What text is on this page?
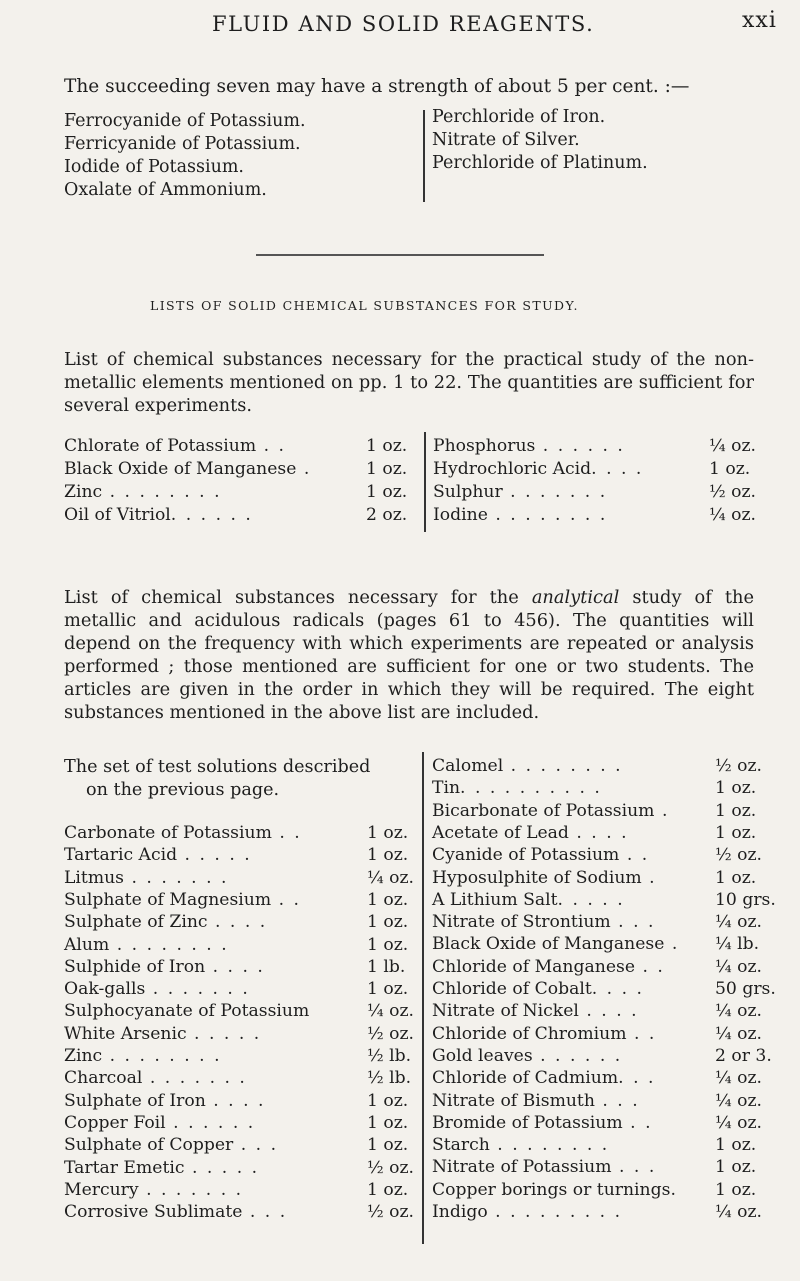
FLUID AND SOLID REAGENTS.	xxi
The succeeding seven may have a strength of about 5 per cent. :—
Ferrocyanide of Potassium.
Ferricyanide of Potassium.
Iodide of Potassium.
Oxalate of Ammonium.
Perchloride of Iron.
Nitrate of Silver.
Perchloride of Platinum.
LISTS OF SOLID CHEMICAL SUBSTANCES FOR STUDY.

List of chemical substances necessary for the practical study of the non-metallic elements mentioned on pp. 1 to 22. The quantities are sufficient for several experiments.

Chlorate of Potassium . .	1 oz.
Black Oxide of Manganese .	1 oz.
Zinc . . . . . . . .	1 oz.
Oil of Vitriol. . . . . .	2 oz.
Phosphorus . . . . . .	¼ oz.
Hydrochloric Acid. . . .	1 oz.
Sulphur . . . . . . .	½ oz.
Iodine . . . . . . . .	¼ oz.

List of chemical substances necessary for the analytical study of the metallic and acidulous radicals (pages 61 to 456). The quantities will depend on the frequency with which experiments are repeated or analysis performed ; those mentioned are sufficient for one or two students. The articles are given in the order in which they will be required. The eight substances mentioned in the above list are included.

The set of test solutions described
on the previous page.
Carbonate of Potassium . .	1 oz.
Tartaric Acid . . . . .	1 oz.
Litmus . . . . . . .	¼ oz.
Sulphate of Magnesium . .	1 oz.
Sulphate of Zinc . . . .	1 oz.
Alum . . . . . . . .	1 oz.
Sulphide of Iron . . . .	1 lb.
Oak-galls . . . . . . .	1 oz.
Sulphocyanate of Potassium	¼ oz.
White Arsenic . . . . .	½ oz.
Zinc . . . . . . . .	½ lb.
Charcoal . . . . . . .	½ lb.
Sulphate of Iron . . . .	1 oz.
Copper Foil . . . . . .	1 oz.
Sulphate of Copper . . .	1 oz.
Tartar Emetic . . . . .	½ oz.
Mercury . . . . . . .	1 oz.
Corrosive Sublimate . . .	½ oz.
Calomel . . . . . . . .	½ oz.
Tin. . . . . . . . . .	1 oz.
Bicarbonate of Potassium .	1 oz.
Acetate of Lead . . . .	1 oz.
Cyanide of Potassium . .	½ oz.
Hyposulphite of Sodium .	1 oz.
A Lithium Salt. . . . .	10 grs.
Nitrate of Strontium . . .	¼ oz.
Black Oxide of Manganese . ¼ lb.
Chloride of Manganese . .	¼ oz.
Chloride of Cobalt. . . .	50 grs.
Nitrate of Nickel . . . .	¼ oz.
Chloride of Chromium . .	¼ oz.
Gold leaves . . . . . .	2 or 3.
Chloride of Cadmium. . .	¼ oz.
Nitrate of Bismuth . . .	¼ oz.
Bromide of Potassium . .	¼ oz.
Starch . . . . . . . .	1 oz.
Nitrate of Potassium . . .	1 oz.
Copper borings or turnings. 1 oz.
Indigo . . . . . . . . .	¼ oz.
